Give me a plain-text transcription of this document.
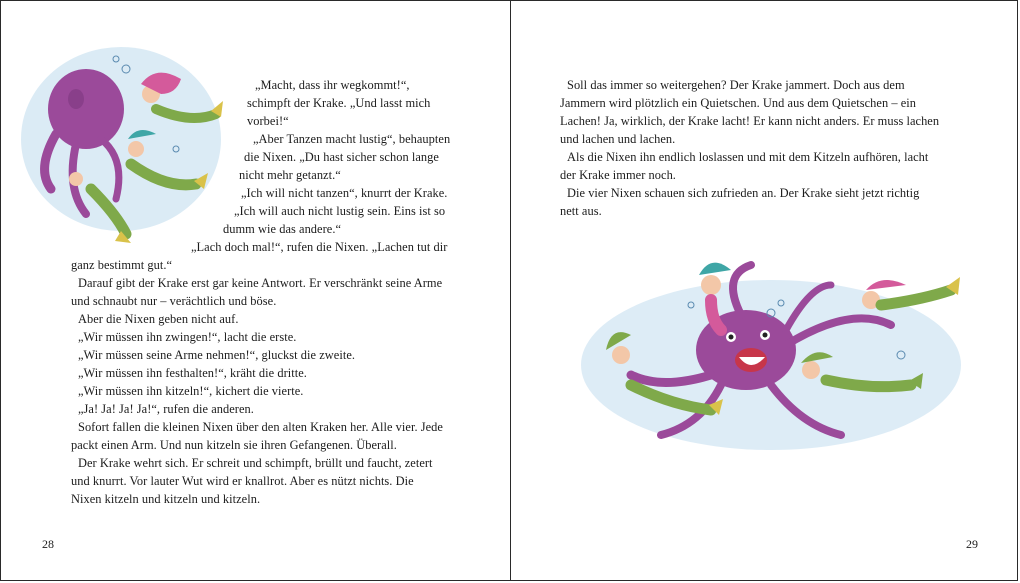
„Macht, dass ihr wegkommt!“,
schimpft der Krake. „Und lasst mich
vorbei!“
„Aber Tanzen macht lustig“, behaupten
die Nixen. „Du hast sicher schon lange
nicht mehr getanzt.“
„Ich will nicht tanzen“, knurrt der Krake.
„Ich will auch nicht lustig sein. Eins ist so
dumm wie das andere.“
„Lach doch mal!“, rufen die Nixen. „Lachen tut dir
ganz bestimmt gut.“
Darauf gibt der Krake erst gar keine Antwort. Er verschränkt seine Arme
und schnaubt nur – verächtlich und böse.
Aber die Nixen geben nicht auf.
„Wir müssen ihn zwingen!“, lacht die erste.
„Wir müssen seine Arme nehmen!“, gluckst die zweite.
„Wir müssen ihn festhalten!“, kräht die dritte.
„Wir müssen ihn kitzeln!“, kichert die vierte.
„Ja! Ja! Ja! Ja!“, rufen die anderen.
Sofort fallen die kleinen Nixen über den alten Kraken her. Alle vier. Jede
packt einen Arm. Und nun kitzeln sie ihren Gefangenen. Überall.
Der Krake wehrt sich. Er schreit und schimpft, brüllt und faucht, zetert
und knurrt. Vor lauter Wut wird er knallrot. Aber es nützt nichts. Die
Nixen kitzeln und kitzeln und kitzeln.
28
Soll das immer so weitergehen? Der Krake jammert. Doch aus dem
Jammern wird plötzlich ein Quietschen. Und aus dem Quietschen – ein
Lachen! Ja, wirklich, der Krake lacht! Er kann nicht anders. Er muss lachen
und lachen und lachen.
Als die Nixen ihn endlich loslassen und mit dem Kitzeln aufhören, lacht
der Krake immer noch.
Die vier Nixen schauen sich zufrieden an. Der Krake sieht jetzt richtig
nett aus.
29
